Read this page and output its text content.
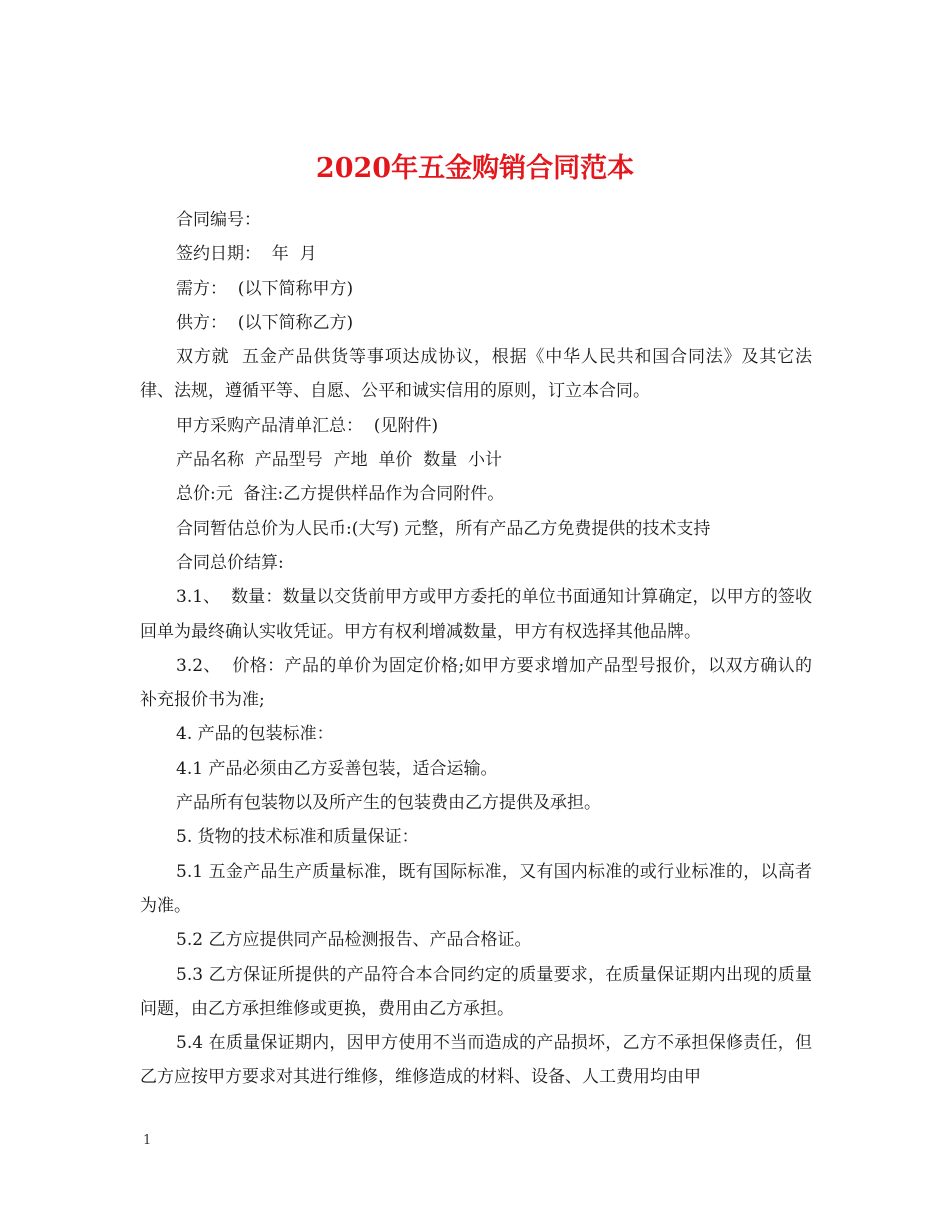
2020年五金购销合同范本

合同编号：

签约日期：  年  月

需方：  (以下简称甲方)

供方：  (以下简称乙方)

双方就  五金产品供货等事项达成协议，根据《中华人民共和国合同法》及其它法律、法规，遵循平等、自愿、公平和诚实信用的原则，订立本合同。

甲方采购产品清单汇总：  (见附件)

产品名称  产品型号  产地  单价  数量  小计

总价:元  备注:乙方提供样品作为合同附件。

合同暂估总价为人民币:(大写) 元整，所有产品乙方免费提供的技术支持

合同总价结算:

3.1、  数量：数量以交货前甲方或甲方委托的单位书面通知计算确定，以甲方的签收回单为最终确认实收凭证。甲方有权利增减数量，甲方有权选择其他品牌。

3.2、  价格：产品的单价为固定价格;如甲方要求增加产品型号报价，以双方确认的补充报价书为准;

4. 产品的包装标准：

4.1 产品必须由乙方妥善包装，适合运输。

产品所有包装物以及所产生的包装费由乙方提供及承担。

5. 货物的技术标准和质量保证：

5.1 五金产品生产质量标准，既有国际标准，又有国内标准的或行业标准的，以高者为准。

5.2 乙方应提供同产品检测报告、产品合格证。

5.3 乙方保证所提供的产品符合本合同约定的质量要求，在质量保证期内出现的质量问题，由乙方承担维修或更换，费用由乙方承担。

5.4 在质量保证期内，因甲方使用不当而造成的产品损坏，乙方不承担保修责任，但乙方应按甲方要求对其进行维修，维修造成的材料、设备、人工费用均由甲

1
